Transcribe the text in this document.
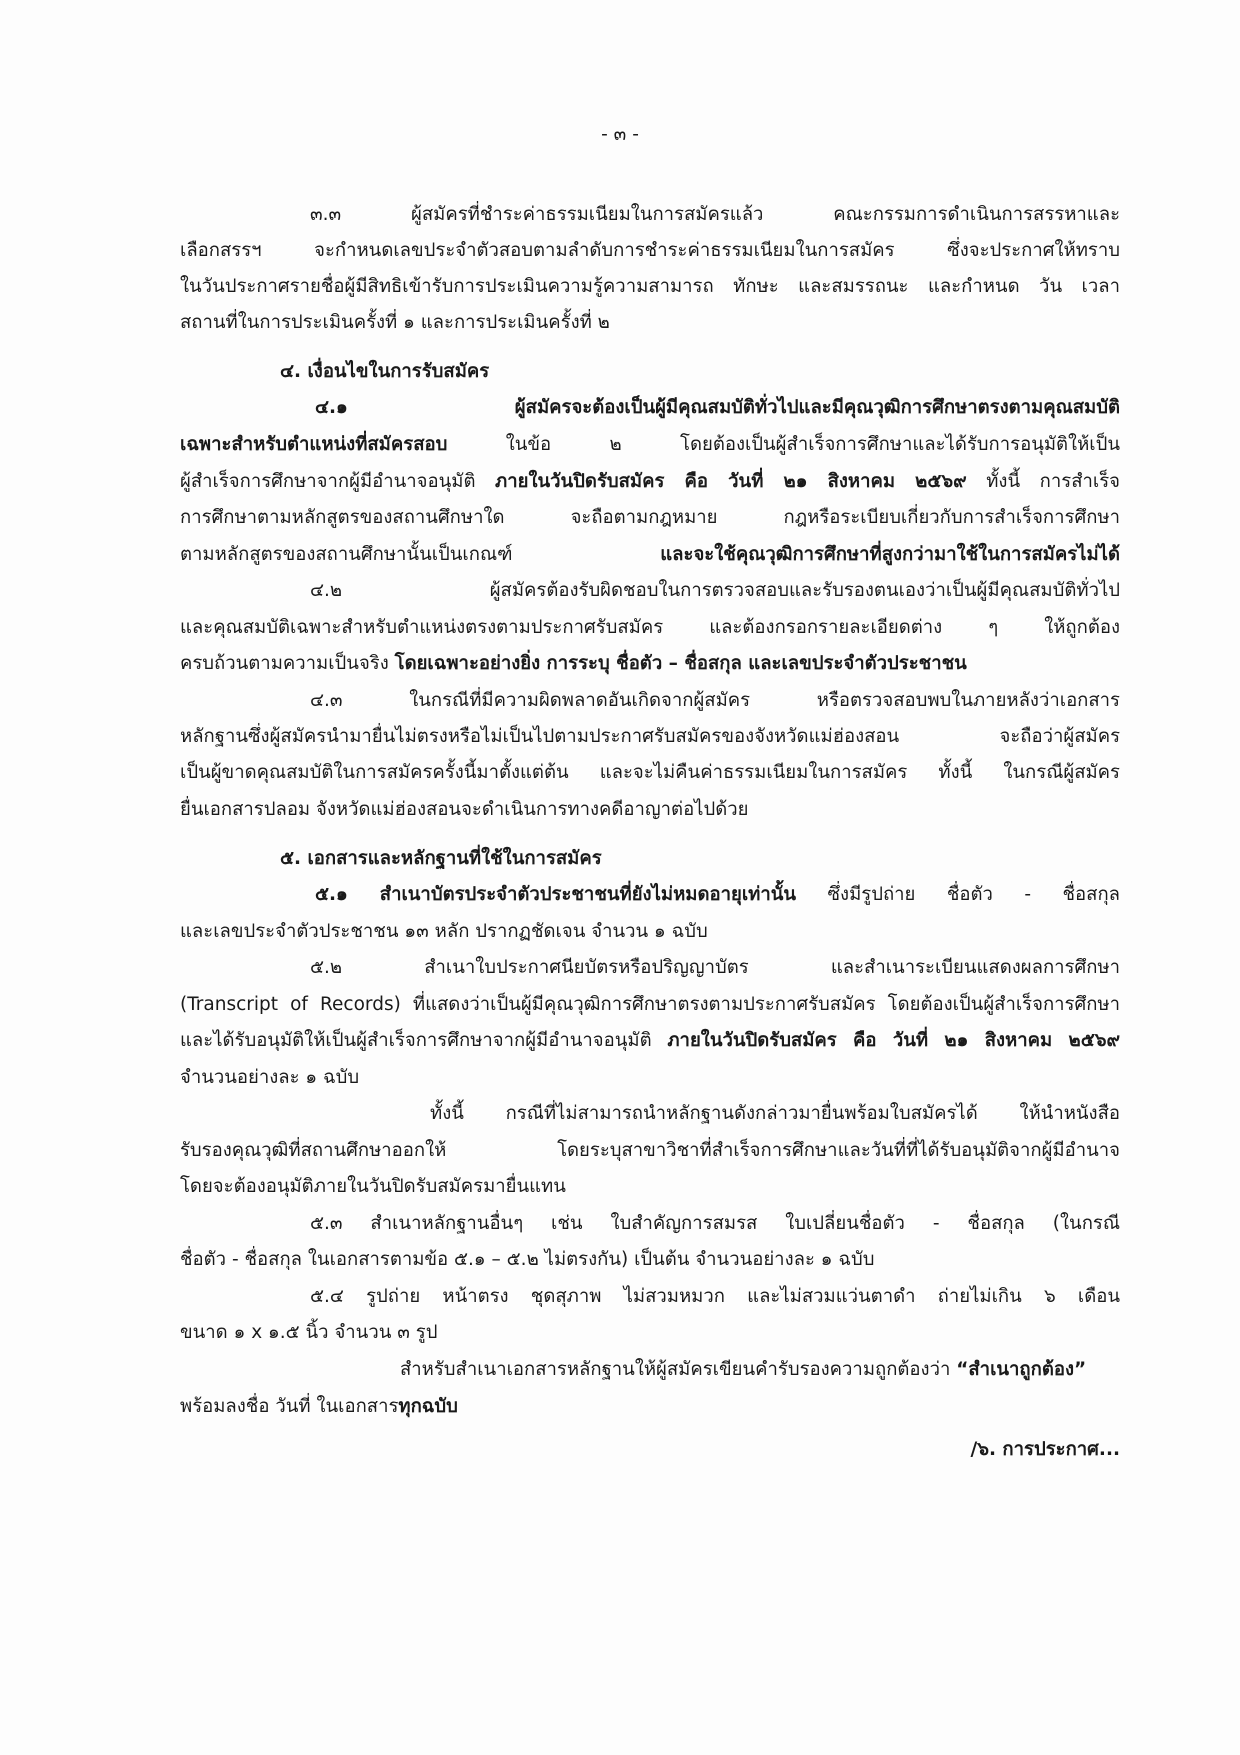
- ๓ -
๓.๓ ผู้สมัครที่ชำระค่าธรรมเนียมในการสมัครแล้ว คณะกรรมการดำเนินการสรรหาและ
เลือกสรรฯ จะกำหนดเลขประจำตัวสอบตามลำดับการชำระค่าธรรมเนียมในการสมัคร ซึ่งจะประกาศให้ทราบ
ในวันประกาศรายชื่อผู้มีสิทธิเข้ารับการประเมินความรู้ความสามารถ ทักษะ และสมรรถนะ และกำหนด วัน เวลา
สถานที่ในการประเมินครั้งที่ ๑ และการประเมินครั้งที่ ๒
๔. เงื่อนไขในการรับสมัคร
๔.๑ ผู้สมัครจะต้องเป็นผู้มีคุณสมบัติทั่วไปและมีคุณวุฒิการศึกษาตรงตามคุณสมบัติ
เฉพาะสำหรับตำแหน่งที่สมัครสอบ ในข้อ ๒ โดยต้องเป็นผู้สำเร็จการศึกษาและได้รับการอนุมัติให้เป็น
ผู้สำเร็จการศึกษาจากผู้มีอำนาจอนุมัติ ภายในวันปิดรับสมัคร คือ วันที่ ๒๑ สิงหาคม ๒๕๖๙ ทั้งนี้ การสำเร็จ
การศึกษาตามหลักสูตรของสถานศึกษาใด จะถือตามกฎหมาย กฎหรือระเบียบเกี่ยวกับการสำเร็จการศึกษา
ตามหลักสูตรของสถานศึกษานั้นเป็นเกณฑ์ และจะใช้คุณวุฒิการศึกษาที่สูงกว่ามาใช้ในการสมัครไม่ได้
๔.๒ ผู้สมัครต้องรับผิดชอบในการตรวจสอบและรับรองตนเองว่าเป็นผู้มีคุณสมบัติทั่วไป
และคุณสมบัติเฉพาะสำหรับตำแหน่งตรงตามประกาศรับสมัคร และต้องกรอกรายละเอียดต่าง ๆ ให้ถูกต้อง
ครบถ้วนตามความเป็นจริง โดยเฉพาะอย่างยิ่ง การระบุ ชื่อตัว – ชื่อสกุล และเลขประจำตัวประชาชน
๔.๓ ในกรณีที่มีความผิดพลาดอันเกิดจากผู้สมัคร หรือตรวจสอบพบในภายหลังว่าเอกสาร
หลักฐานซึ่งผู้สมัครนำมายื่นไม่ตรงหรือไม่เป็นไปตามประกาศรับสมัครของจังหวัดแม่ฮ่องสอน จะถือว่าผู้สมัคร
เป็นผู้ขาดคุณสมบัติในการสมัครครั้งนี้มาตั้งแต่ต้น และจะไม่คืนค่าธรรมเนียมในการสมัคร ทั้งนี้ ในกรณีผู้สมัคร
ยื่นเอกสารปลอม จังหวัดแม่ฮ่องสอนจะดำเนินการทางคดีอาญาต่อไปด้วย
๕. เอกสารและหลักฐานที่ใช้ในการสมัคร
๕.๑ สำเนาบัตรประจำตัวประชาชนที่ยังไม่หมดอายุเท่านั้น ซึ่งมีรูปถ่าย ชื่อตัว - ชื่อสกุล
และเลขประจำตัวประชาชน ๑๓ หลัก ปรากฏชัดเจน จำนวน ๑ ฉบับ
๕.๒ สำเนาใบประกาศนียบัตรหรือปริญญาบัตร และสำเนาระเบียนแสดงผลการศึกษา
(Transcript of Records) ที่แสดงว่าเป็นผู้มีคุณวุฒิการศึกษาตรงตามประกาศรับสมัคร โดยต้องเป็นผู้สำเร็จการศึกษา
และได้รับอนุมัติให้เป็นผู้สำเร็จการศึกษาจากผู้มีอำนาจอนุมัติ ภายในวันปิดรับสมัคร คือ วันที่ ๒๑ สิงหาคม ๒๕๖๙
จำนวนอย่างละ ๑ ฉบับ
ทั้งนี้ กรณีที่ไม่สามารถนำหลักฐานดังกล่าวมายื่นพร้อมใบสมัครได้ ให้นำหนังสือ
รับรองคุณวุฒิที่สถานศึกษาออกให้ โดยระบุสาขาวิชาที่สำเร็จการศึกษาและวันที่ที่ได้รับอนุมัติจากผู้มีอำนาจ
โดยจะต้องอนุมัติภายในวันปิดรับสมัครมายื่นแทน
๕.๓ สำเนาหลักฐานอื่นๆ เช่น ใบสำคัญการสมรส ใบเปลี่ยนชื่อตัว - ชื่อสกุล (ในกรณี
ชื่อตัว - ชื่อสกุล ในเอกสารตามข้อ ๕.๑ – ๕.๒ ไม่ตรงกัน) เป็นต้น จำนวนอย่างละ ๑ ฉบับ
๕.๔ รูปถ่าย หน้าตรง ชุดสุภาพ ไม่สวมหมวก และไม่สวมแว่นตาดำ ถ่ายไม่เกิน ๖ เดือน
ขนาด ๑ x ๑.๕ นิ้ว จำนวน ๓ รูป
สำหรับสำเนาเอกสารหลักฐานให้ผู้สมัครเขียนคำรับรองความถูกต้องว่า “สำเนาถูกต้อง”
พร้อมลงชื่อ วันที่ ในเอกสารทุกฉบับ
/๖. การประกาศ...
